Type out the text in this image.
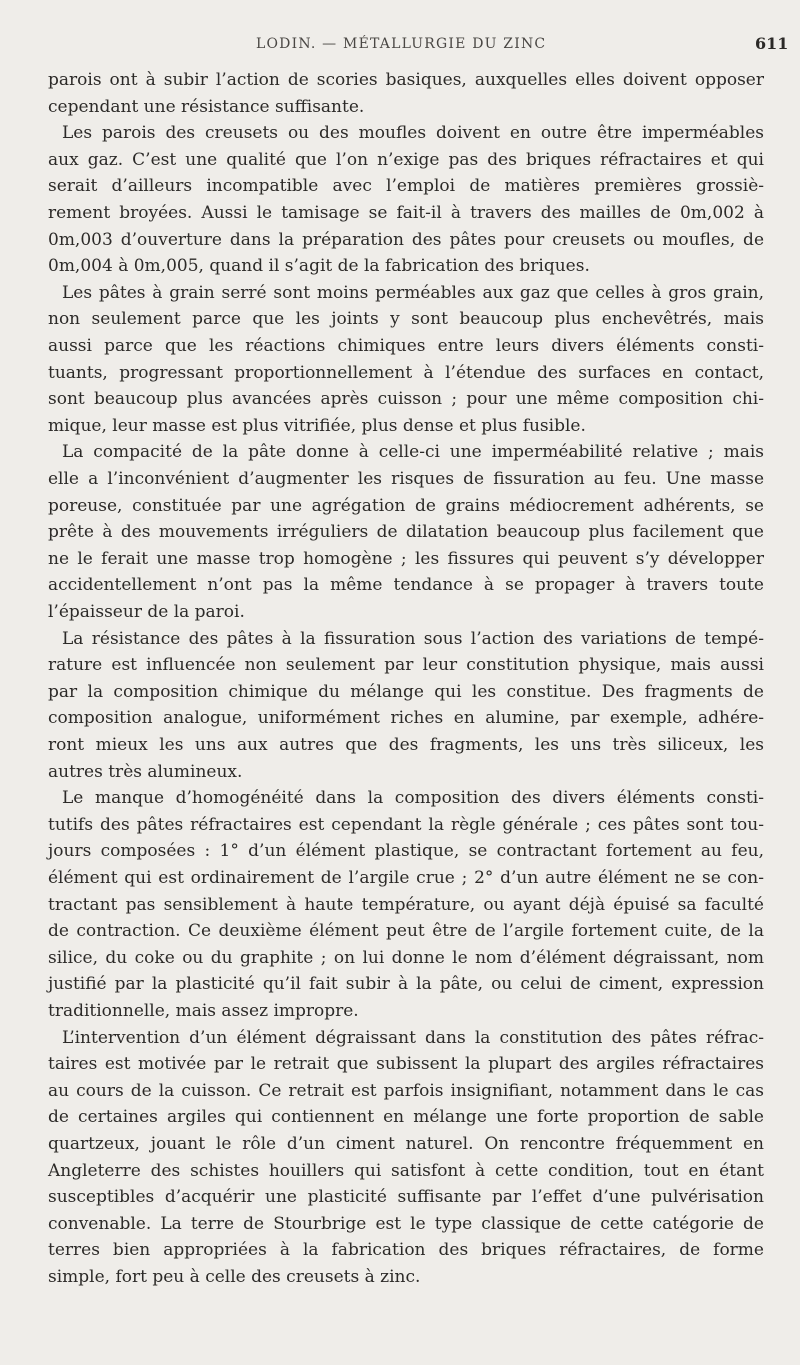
LODIN. — MÉTALLURGIE DU ZINC	611
parois ont à subir l’action de scories basiques, auxquelles elles doivent opposer
cependant une résistance suffisante.
Les parois des creusets ou des moufles doivent en outre être imperméables
aux gaz. C’est une qualité que l’on n’exige pas des briques réfractaires et qui
serait d’ailleurs incompatible avec l’emploi de matières premières grossiè-
rement broyées. Aussi le tamisage se fait-il à travers des mailles de 0m,002 à
0m,003 d’ouverture dans la préparation des pâtes pour creusets ou moufles, de
0m,004 à 0m,005, quand il s’agit de la fabrication des briques.
Les pâtes à grain serré sont moins perméables aux gaz que celles à gros grain,
non seulement parce que les joints y sont beaucoup plus enchevêtrés, mais
aussi parce que les réactions chimiques entre leurs divers éléments consti-
tuants, progressant proportionnellement à l’étendue des surfaces en contact,
sont beaucoup plus avancées après cuisson ; pour une même composition chi-
mique, leur masse est plus vitrifiée, plus dense et plus fusible.
La compacité de la pâte donne à celle-ci une imperméabilité relative ; mais
elle a l’inconvénient d’augmenter les risques de fissuration au feu. Une masse
poreuse, constituée par une agrégation de grains médiocrement adhérents, se
prête à des mouvements irréguliers de dilatation beaucoup plus facilement que
ne le ferait une masse trop homogène ; les fissures qui peuvent s’y développer
accidentellement n’ont pas la même tendance à se propager à travers toute
l’épaisseur de la paroi.
La résistance des pâtes à la fissuration sous l’action des variations de tempé-
rature est influencée non seulement par leur constitution physique, mais aussi
par la composition chimique du mélange qui les constitue. Des fragments de
composition analogue, uniformément riches en alumine, par exemple, adhére-
ront mieux les uns aux autres que des fragments, les uns très siliceux, les
autres très alumineux.
Le manque d’homogénéité dans la composition des divers éléments consti-
tutifs des pâtes réfractaires est cependant la règle générale ; ces pâtes sont tou-
jours composées : 1° d’un élément plastique, se contractant fortement au feu,
élément qui est ordinairement de l’argile crue ; 2° d’un autre élément ne se con-
tractant pas sensiblement à haute température, ou ayant déjà épuisé sa faculté
de contraction. Ce deuxième élément peut être de l’argile fortement cuite, de la
silice, du coke ou du graphite ; on lui donne le nom d’élément dégraissant, nom
justifié par la plasticité qu’il fait subir à la pâte, ou celui de ciment, expression
traditionnelle, mais assez impropre.
L’intervention d’un élément dégraissant dans la constitution des pâtes réfrac-
taires est motivée par le retrait que subissent la plupart des argiles réfractaires
au cours de la cuisson. Ce retrait est parfois insignifiant, notamment dans le cas
de certaines argiles qui contiennent en mélange une forte proportion de sable
quartzeux, jouant le rôle d’un ciment naturel. On rencontre fréquemment en
Angleterre des schistes houillers qui satisfont à cette condition, tout en étant
susceptibles d’acquérir une plasticité suffisante par l’effet d’une pulvérisation
convenable. La terre de Stourbrige est le type classique de cette catégorie de
terres bien appropriées à la fabrication des briques réfractaires, de forme
simple, fort peu à celle des creusets à zinc.
